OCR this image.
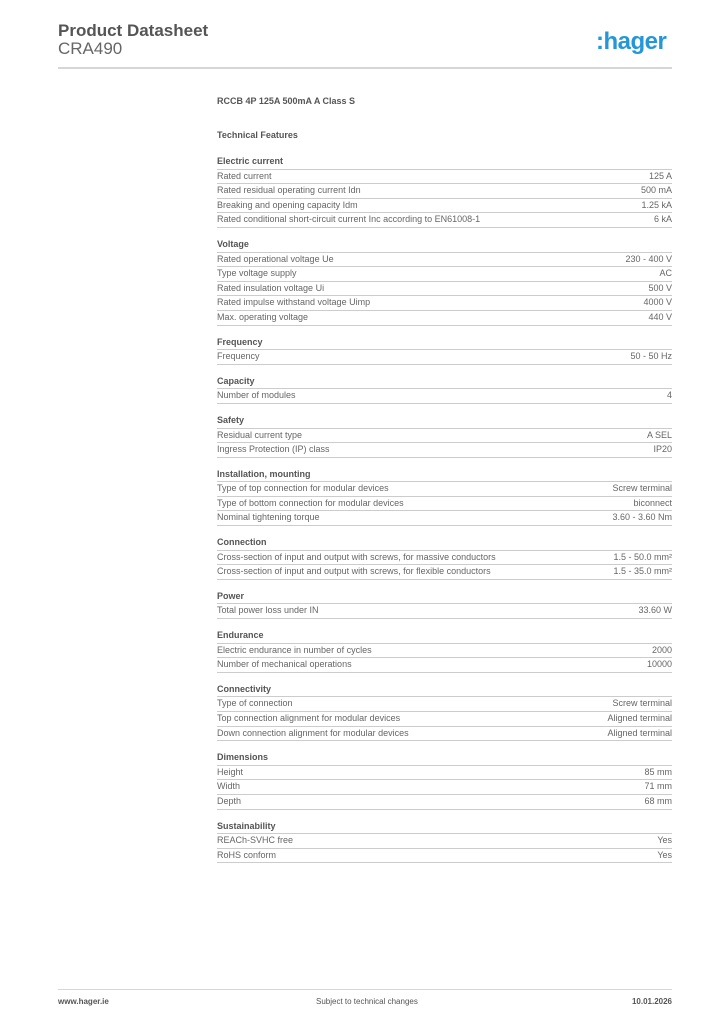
Product Datasheet
CRA490	:hager
RCCB 4P 125A 500mA A Class S
Technical Features
Electric current
Rated current	125 A
Rated residual operating current Idn	500 mA
Breaking and opening capacity Idm	1.25 kA
Rated conditional short-circuit current Inc according to EN61008-1	6 kA
Voltage
Rated operational voltage Ue	230 - 400 V
Type voltage supply	AC
Rated insulation voltage Ui	500 V
Rated impulse withstand voltage Uimp	4000 V
Max. operating voltage	440 V
Frequency
Frequency	50 - 50 Hz
Capacity
Number of modules	4
Safety
Residual current type	A SEL
Ingress Protection (IP) class	IP20
Installation, mounting
Type of top connection for modular devices	Screw terminal
Type of bottom connection for modular devices	biconnect
Nominal tightening torque	3.60 - 3.60 Nm
Connection
Cross-section of input and output with screws, for massive conductors	1.5 - 50.0 mm²
Cross-section of input and output with screws, for flexible conductors	1.5 - 35.0 mm²
Power
Total power loss under IN	33.60 W
Endurance
Electric endurance in number of cycles	2000
Number of mechanical operations	10000
Connectivity
Type of connection	Screw terminal
Top connection alignment for modular devices	Aligned terminal
Down connection alignment for modular devices	Aligned terminal
Dimensions
Height	85 mm
Width	71 mm
Depth	68 mm
Sustainability
REACh-SVHC free	Yes
RoHS conform	Yes
www.hager.ie	Subject to technical changes	10.01.2026
